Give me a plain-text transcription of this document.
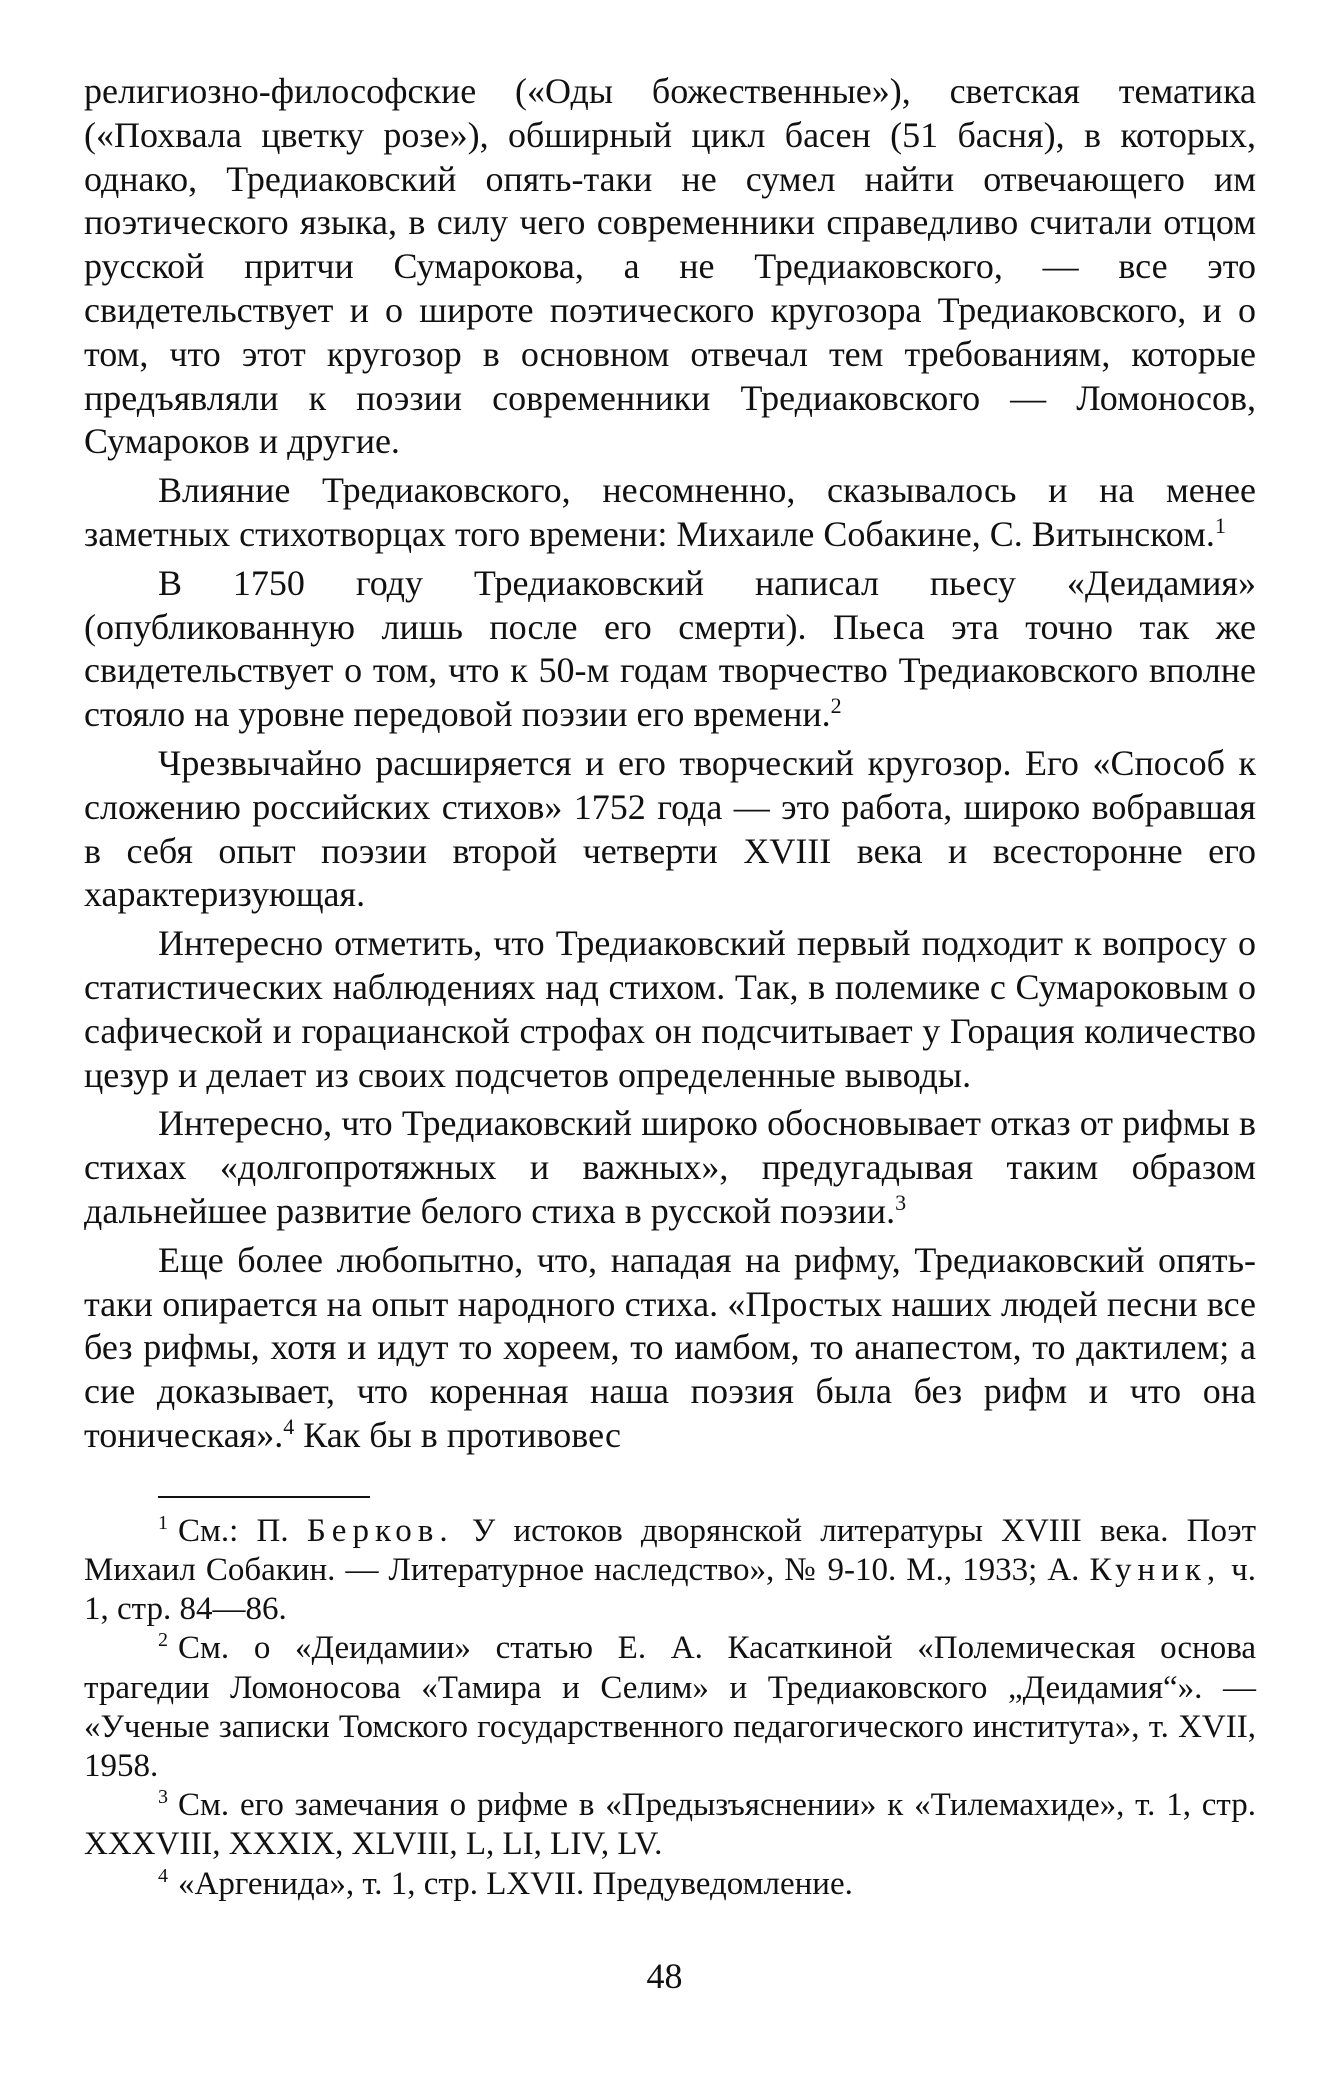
религиозно-философские («Оды божественные»), светская тематика («Похвала цветку розе»), обширный цикл басен (51 басня), в которых, однако, Тредиаковский опять-таки не сумел найти отвечающего им поэтического языка, в силу чего современники справедливо считали отцом русской притчи Сумарокова, а не Тредиаковского, — все это свидетельствует и о широте поэтического кругозора Тредиаковского, и о том, что этот кругозор в основном отвечал тем требованиям, которые предъявляли к поэзии современники Тредиаковского — Ломоносов, Сумароков и другие.

Влияние Тредиаковского, несомненно, сказывалось и на менее заметных стихотворцах того времени: Михаиле Собакине, С. Витынском.$^1$

В 1750 году Тредиаковский написал пьесу «Деидамия» (опубликованную лишь после его смерти). Пьеса эта точно так же свидетельствует о том, что к 50-м годам творчество Тредиаковского вполне стояло на уровне передовой поэзии его времени.$^2$

Чрезвычайно расширяется и его творческий кругозор. Его «Способ к сложению российских стихов» 1752 года — это работа, широко вобравшая в себя опыт поэзии второй четверти XVIII века и всесторонне его характеризующая.

Интересно отметить, что Тредиаковский первый подходит к вопросу о статистических наблюдениях над стихом. Так, в полемике с Сумароковым о сафической и горацианской строфах он подсчитывает у Горация количество цезур и делает из своих подсчетов определенные выводы.

Интересно, что Тредиаковский широко обосновывает отказ от рифмы в стихах «долгопротяжных и важных», предугадывая таким образом дальнейшее развитие белого стиха в русской поэзии.$^3$

Еще более любопытно, что, нападая на рифму, Тредиаковский опять-таки опирается на опыт народного стиха. «Простых наших людей песни все без рифмы, хотя и идут то хореем, то иамбом, то анапестом, то дактилем; а сие доказывает, что коренная наша поэзия была без рифм и что она тоническая».$^4$ Как бы в противовес

$^1$ См.: П. Берков. У истоков дворянской литературы XVIII века. Поэт Михаил Собакин. — Литературное наследство», № 9-10. М., 1933; А. Куник, ч. 1, стр. 84—86.

$^2$ См. о «Деидамии» статью Е. А. Касаткиной «Полемическая основа трагедии Ломоносова «Тамира и Селим» и Тредиаковского „Деидамия“». — «Ученые записки Томского государственного педагогического института», т. XVII, 1958.

$^3$ См. его замечания о рифме в «Предызъяснении» к «Тилемахиде», т. 1, стр. XXXVIII, XXXIX, XLVIII, L, LI, LIV, LV.

$^4$ «Аргенида», т. 1, стр. LXVII. Предуведомление.

48
